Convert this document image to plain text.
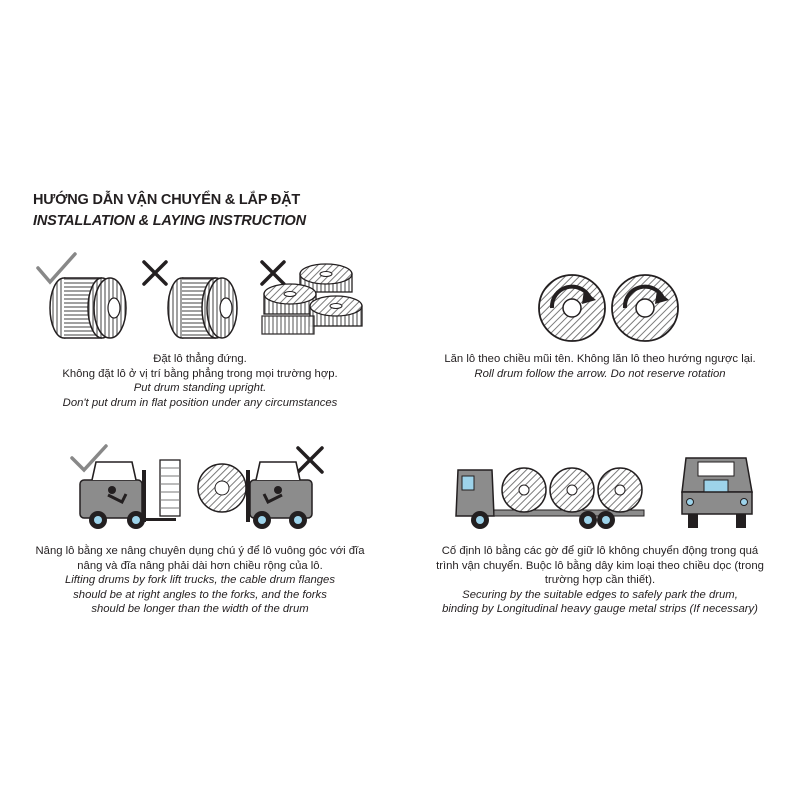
HƯỚNG DẪN VẬN CHUYỂN & LẮP ĐẶT
INSTALLATION & LAYING INSTRUCTION
Đặt lô thẳng đứng.
Không đặt lô ở vị trí bằng phẳng trong mọi trường hợp.
Put drum standing upright.
Don't put drum in flat position under any circumstances
Lăn lô theo chiều mũi tên. Không lăn lô theo hướng ngược lại.
Roll drum follow the arrow. Do not reserve rotation
Nâng lô bằng xe nâng chuyên dụng chú ý để lô vuông góc với đĩa
nâng và đĩa nâng phải dài hơn chiều rộng của lô.
Lifting drums by fork lift trucks, the cable drum flanges
should be at right angles to the forks, and the forks
should be longer than the width of the drum
Cố định lô bằng các gờ để giữ lô không chuyển động trong quá
trình vận chuyển. Buộc lô bằng dây kim loại theo chiều dọc (trong
trường hợp cần thiết).
Securing by the suitable edges to safely park the drum,
binding by Longitudinal heavy gauge metal strips (If necessary)
